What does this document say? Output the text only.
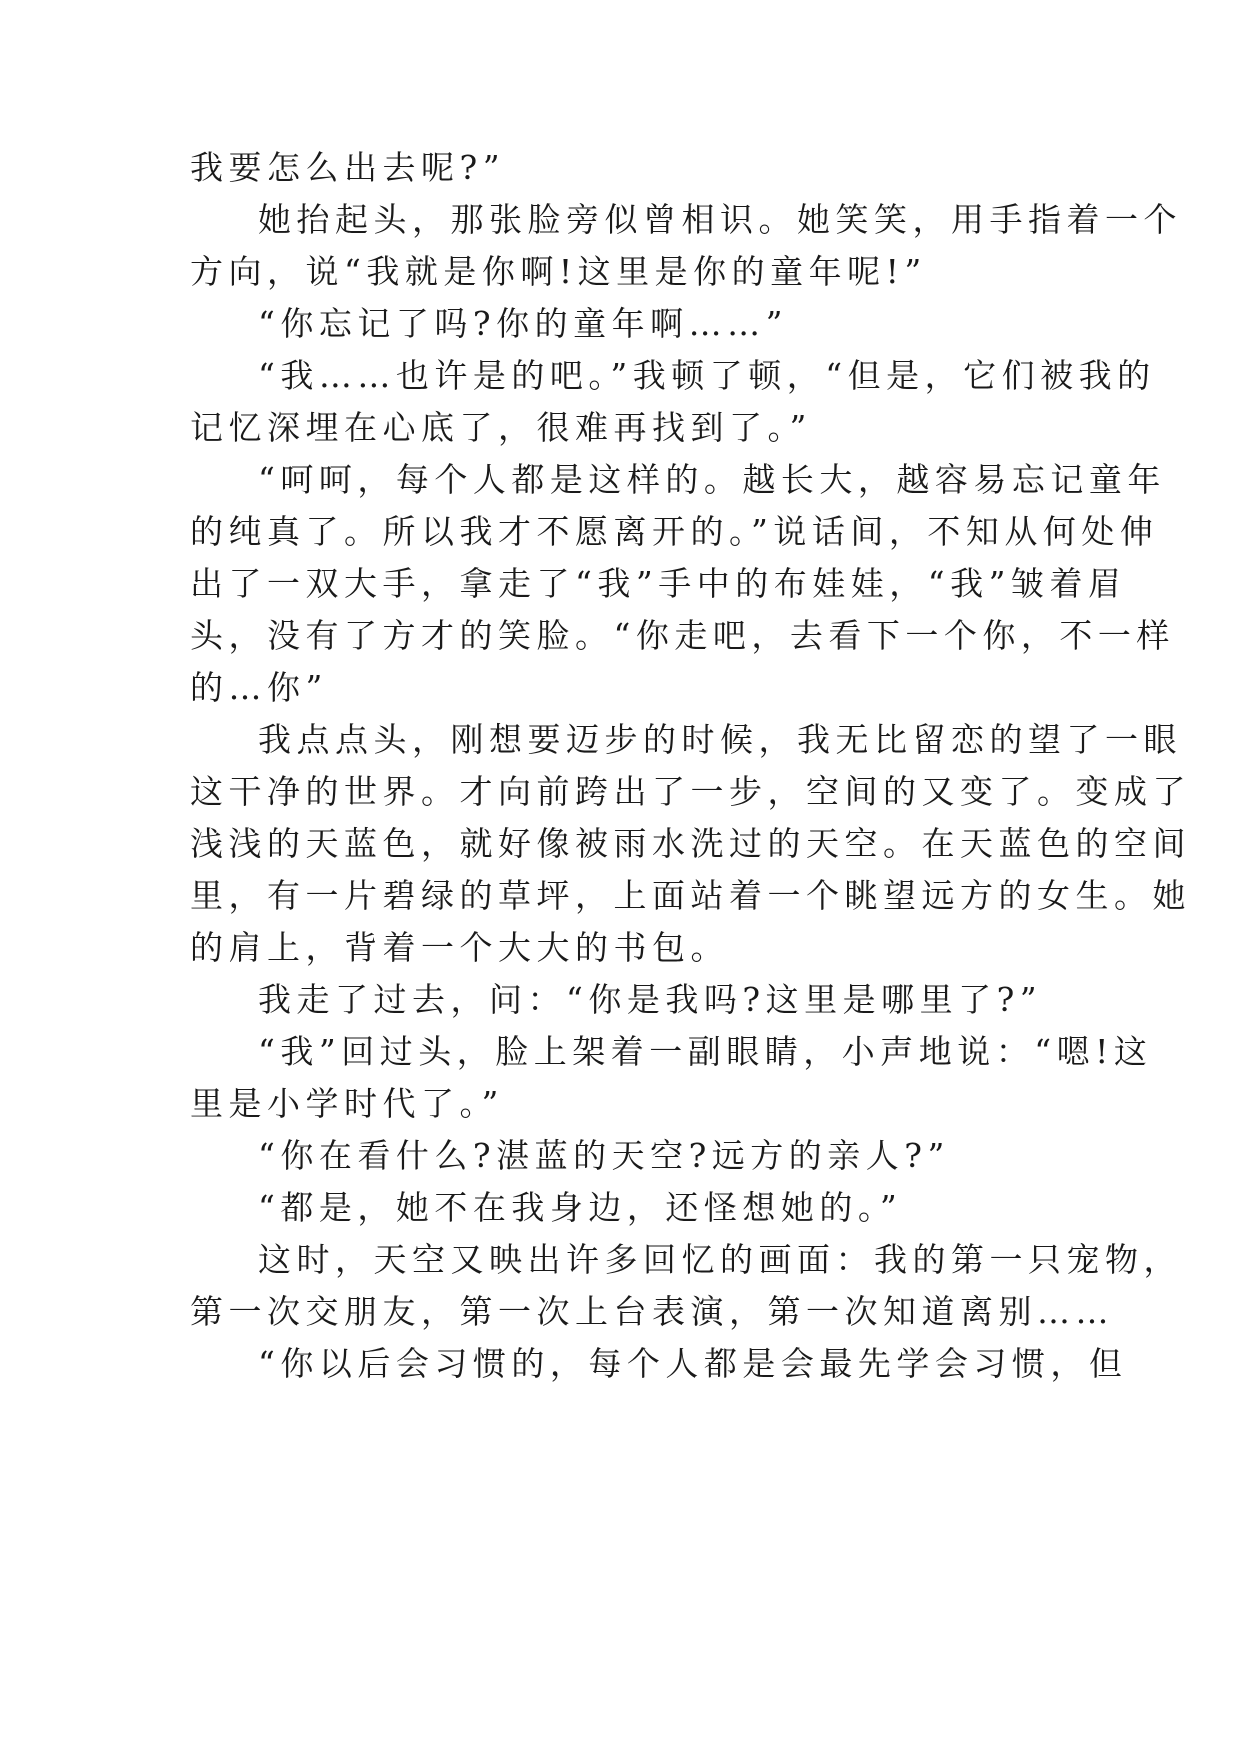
我要怎么出去呢?”

她抬起头，那张脸旁似曾相识。她笑笑，用手指着一个

方向，说“我就是你啊!这里是你的童年呢!”

“你忘记了吗?你的童年啊……”

“我……也许是的吧。”我顿了顿，“但是，它们被我的

记忆深埋在心底了，很难再找到了。”

“呵呵，每个人都是这样的。越长大，越容易忘记童年

的纯真了。所以我才不愿离开的。”说话间，不知从何处伸

出了一双大手，拿走了“我”手中的布娃娃，“我”皱着眉

头，没有了方才的笑脸。“你走吧，去看下一个你，不一样

的…你”

我点点头，刚想要迈步的时候，我无比留恋的望了一眼

这干净的世界。才向前跨出了一步，空间的又变了。变成了

浅浅的天蓝色，就好像被雨水洗过的天空。在天蓝色的空间

里，有一片碧绿的草坪，上面站着一个眺望远方的女生。她

的肩上，背着一个大大的书包。

我走了过去，问：“你是我吗?这里是哪里了?”

“我”回过头，脸上架着一副眼睛，小声地说：“嗯!这

里是小学时代了。”

“你在看什么?湛蓝的天空?远方的亲人?”

“都是，她不在我身边，还怪想她的。”

这时，天空又映出许多回忆的画面：我的第一只宠物，

第一次交朋友，第一次上台表演，第一次知道离别……

“你以后会习惯的，每个人都是会最先学会习惯，但
